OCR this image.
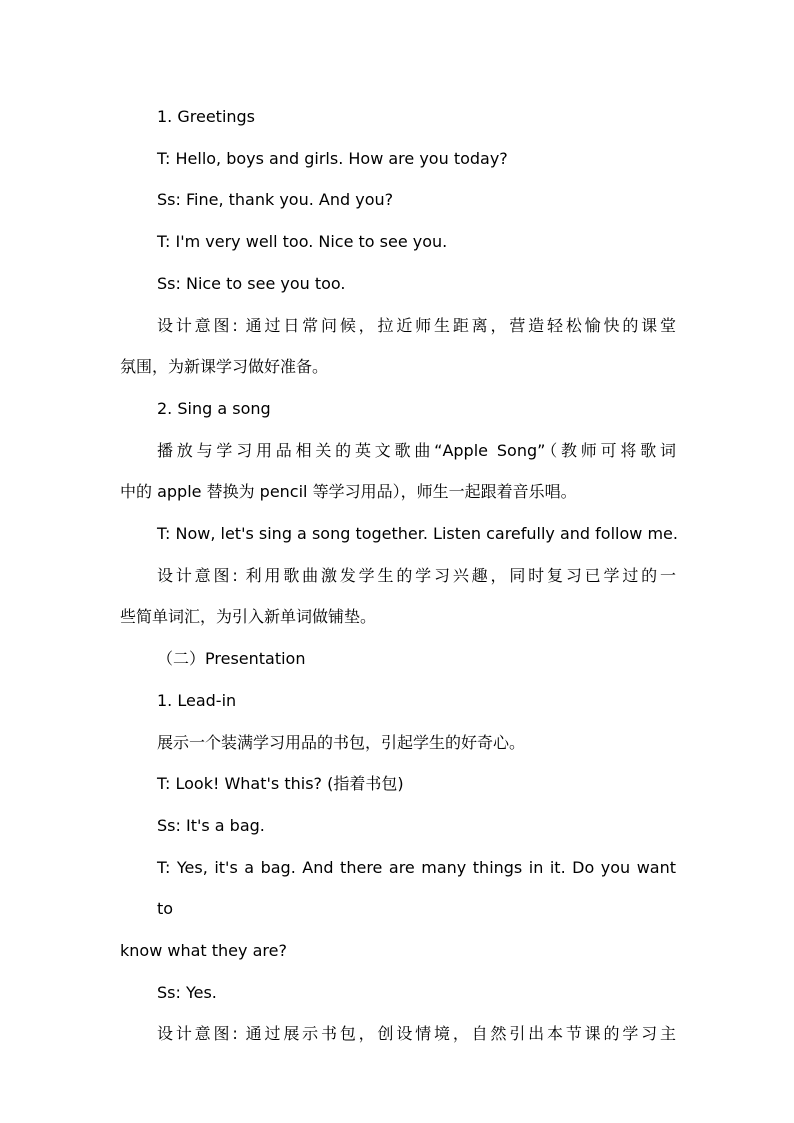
1. Greetings

T: Hello, boys and girls. How are you today?

Ss: Fine, thank you. And you?

T: I'm very well too. Nice to see you.

Ss: Nice to see you too.

设计意图: 通过日常问候，拉近师生距离，营造轻松愉快的课堂

氛围，为新课学习做好准备。

2. Sing a song

播放与学习用品相关的英文歌曲“Apple Song”（教师可将歌词

中的 apple 替换为 pencil 等学习用品），师生一起跟着音乐唱。

T: Now, let's sing a song together. Listen carefully and follow me.

设计意图: 利用歌曲激发学生的学习兴趣，同时复习已学过的一

些简单词汇，为引入新单词做铺垫。

（二）Presentation

1. Lead-in

展示一个装满学习用品的书包，引起学生的好奇心。

T: Look! What's this? (指着书包)

Ss: It's a bag.

T: Yes, it's a bag. And there are many things in it. Do you want to

know what they are?

Ss: Yes.

设计意图: 通过展示书包，创设情境，自然引出本节课的学习主
